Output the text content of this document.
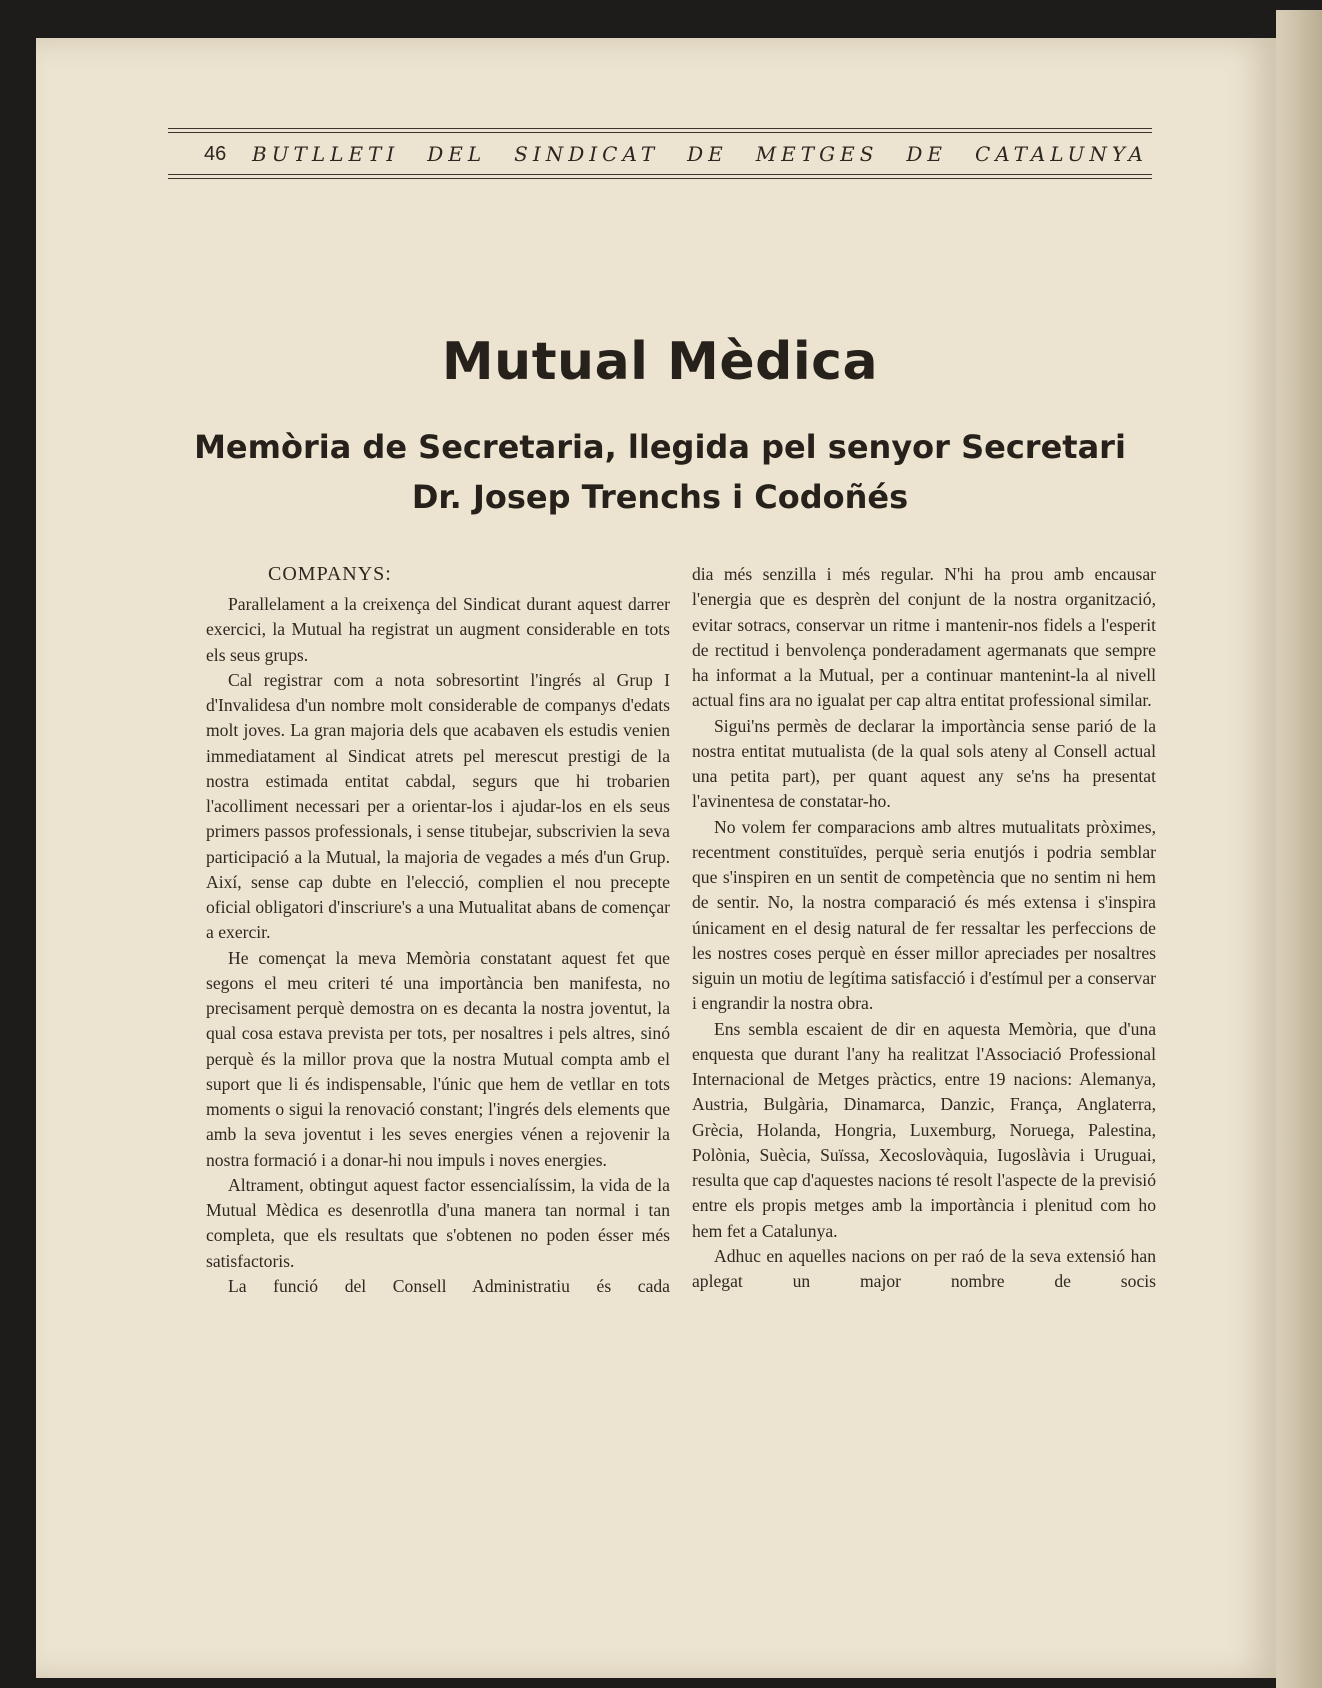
46	BUTLLETI DEL SINDICAT DE METGES DE CATALUNYA
Mutual Mèdica
Memòria de Secretaria, llegida pel senyor Secretari
Dr. Josep Trenchs i Codoñés
COMPANYS:

Parallelament a la creixença del Sindicat durant aquest darrer exercici, la Mutual ha registrat un augment considerable en tots els seus grups.

Cal registrar com a nota sobresortint l'ingrés al Grup I d'Invalidesa d'un nombre molt considerable de companys d'edats molt joves. La gran majoria dels que acabaven els estudis venien immediatament al Sindicat atrets pel merescut prestigi de la nostra estimada entitat cabdal, segurs que hi trobarien l'acolliment necessari per a orientar-los i ajudar-los en els seus primers passos professionals, i sense titubejar, subscrivien la seva participació a la Mutual, la majoria de vegades a més d'un Grup. Així, sense cap dubte en l'elecció, complien el nou precepte oficial obligatori d'inscriure's a una Mutualitat abans de començar a exercir.

He començat la meva Memòria constatant aquest fet que segons el meu criteri té una importància ben manifesta, no precisament perquè demostra on es decanta la nostra joventut, la qual cosa estava prevista per tots, per nosaltres i pels altres, sinó perquè és la millor prova que la nostra Mutual compta amb el suport que li és indispensable, l'únic que hem de vetllar en tots moments o sigui la renovació constant; l'ingrés dels elements que amb la seva joventut i les seves energies vénen a rejovenir la nostra formació i a donar-hi nou impuls i noves energies.

Altrament, obtingut aquest factor essencialíssim, la vida de la Mutual Mèdica es desenrotlla d'una manera tan normal i tan completa, que els resultats que s'obtenen no poden ésser més satisfactoris.

La funció del Consell Administratiu és cada

dia més senzilla i més regular. N'hi ha prou amb encausar l'energia que es desprèn del conjunt de la nostra organització, evitar sotracs, conservar un ritme i mantenir-nos fidels a l'esperit de rectitud i benvolença ponderadament agermanats que sempre ha informat a la Mutual, per a continuar mantenint-la al nivell actual fins ara no igualat per cap altra entitat professional similar.

Sigui'ns permès de declarar la importància sense parió de la nostra entitat mutualista (de la qual sols ateny al Consell actual una petita part), per quant aquest any se'ns ha presentat l'avinentesa de constatar-ho.

No volem fer comparacions amb altres mutualitats pròximes, recentment constituïdes, perquè seria enutjós i podria semblar que s'inspiren en un sentit de competència que no sentim ni hem de sentir. No, la nostra comparació és més extensa i s'inspira únicament en el desig natural de fer ressaltar les perfeccions de les nostres coses perquè en ésser millor apreciades per nosaltres siguin un motiu de legítima satisfacció i d'estímul per a conservar i engrandir la nostra obra.

Ens sembla escaient de dir en aquesta Memòria, que d'una enquesta que durant l'any ha realitzat l'Associació Professional Internacional de Metges pràctics, entre 19 nacions: Alemanya, Austria, Bulgària, Dinamarca, Danzic, França, Anglaterra, Grècia, Holanda, Hongria, Luxemburg, Noruega, Palestina, Polònia, Suècia, Suïssa, Xecoslovàquia, Iugoslàvia i Uruguai, resulta que cap d'aquestes nacions té resolt l'aspecte de la previsió entre els propis metges amb la importància i plenitud com ho hem fet a Catalunya.

Adhuc en aquelles nacions on per raó de la seva extensió han aplegat un major nombre de socis
